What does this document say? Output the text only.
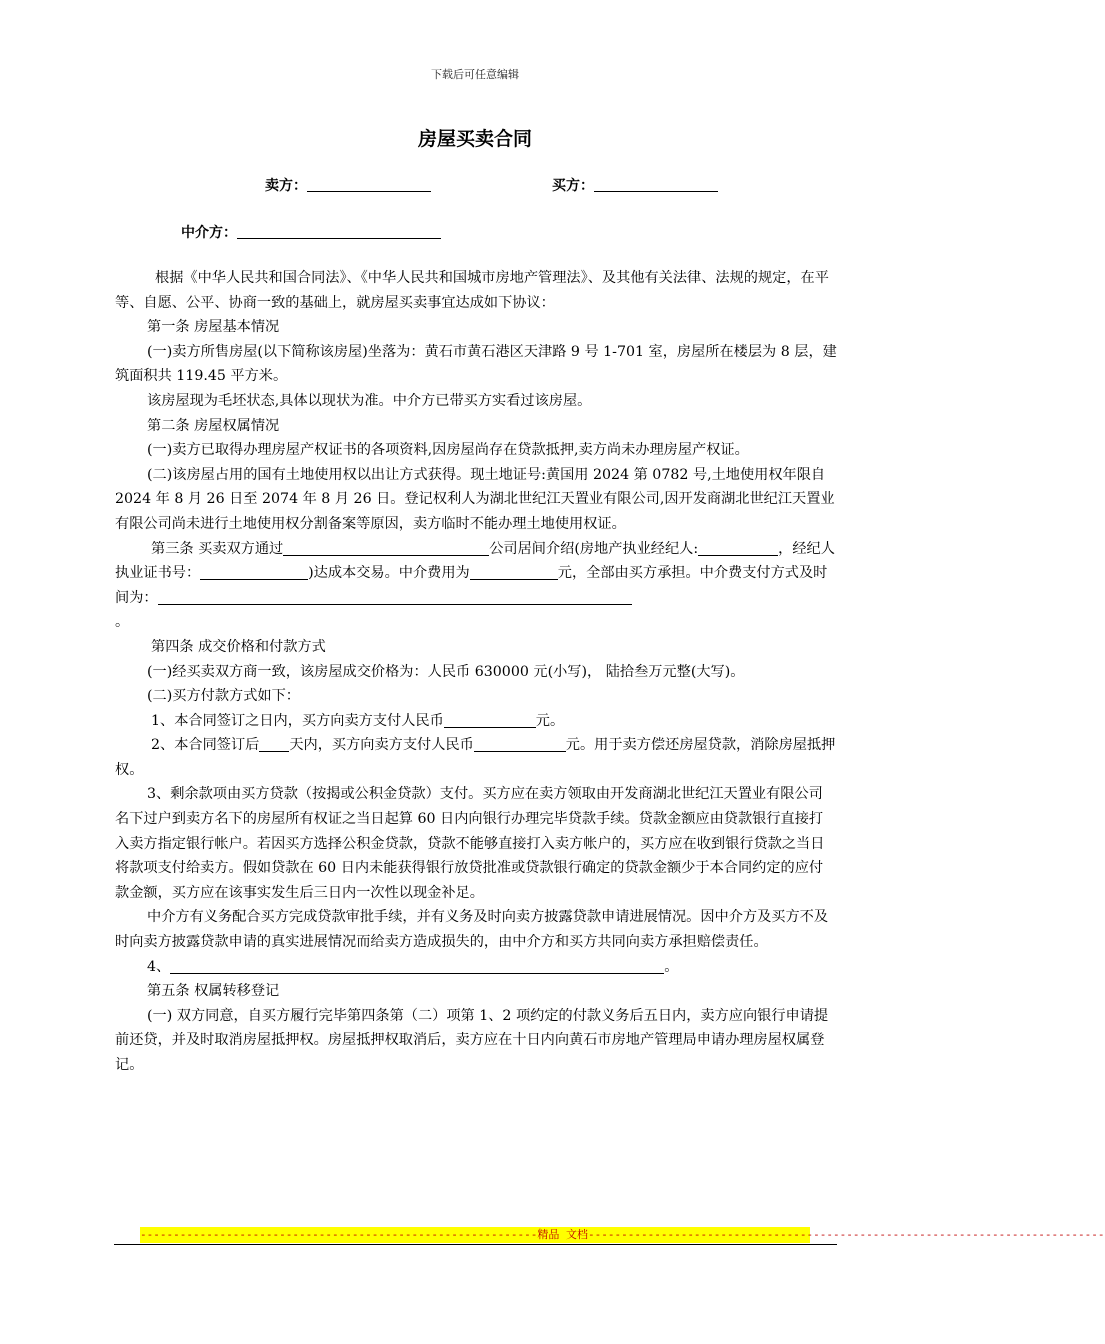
下载后可任意编辑
房屋买卖合同
卖方：	买方：
中介方：

根据《中华人民共和国合同法》、《中华人民共和国城市房地产管理法》、及其他有关法律、法规的规定，在平等、自愿、公平、协商一致的基础上，就房屋买卖事宜达成如下协议：

第一条 房屋基本情况

(一)卖方所售房屋(以下简称该房屋)坐落为：黄石市黄石港区天津路 9 号 1-701 室，房屋所在楼层为 8 层，建筑面积共 119.45 平方米。

该房屋现为毛坯状态,具体以现状为准。中介方已带买方实看过该房屋。

第二条 房屋权属情况

(一)卖方已取得办理房屋产权证书的各项资料,因房屋尚存在贷款抵押,卖方尚未办理房屋产权证。

(二)该房屋占用的国有土地使用权以出让方式获得。现土地证号:黄国用 2024 第 0782 号,土地使用权年限自 2024 年 8 月 26 日至 2074 年 8 月 26 日。登记权利人为湖北世纪江天置业有限公司,因开发商湖北世纪江天置业有限公司尚未进行土地使用权分割备案等原因，卖方临时不能办理土地使用权证。

第三条 买卖双方通过	公司居间介绍(房地产执业经纪人:	，经纪人执业证书号：	)达成本交易。中介费用为	元，全部由买方承担。中介费支付方式及时间为：
。

第四条 成交价格和付款方式

(一)经买卖双方商一致，该房屋成交价格为：人民币 630000 元(小写)， 陆拾叁万元整(大写)。

(二)买方付款方式如下：

1、本合同签订之日内，买方向卖方支付人民币	元。

2、本合同签订后 天内，买方向卖方支付人民币	元。用于卖方偿还房屋贷款，消除房屋抵押权。

3、剩余款项由买方贷款（按揭或公积金贷款）支付。买方应在卖方领取由开发商湖北世纪江天置业有限公司名下过户到卖方名下的房屋所有权证之当日起算 60 日内向银行办理完毕贷款手续。贷款金额应由贷款银行直接打入卖方指定银行帐户。若因买方选择公积金贷款，贷款不能够直接打入卖方帐户的，买方应在收到银行贷款之当日将款项支付给卖方。假如贷款在 60 日内未能获得银行放贷批准或贷款银行确定的贷款金额少于本合同约定的应付款金额，买方应在该事实发生后三日内一次性以现金补足。

中介方有义务配合买方完成贷款审批手续，并有义务及时向卖方披露贷款申请进展情况。因中介方及买方不及时向卖方披露贷款申请的真实进展情况而给卖方造成损失的，由中介方和买方共同向卖方承担赔偿责任。

4、	。

第五条 权属转移登记

(一) 双方同意，自买方履行完毕第四条第（二）项第 1、2 项约定的付款义务后五日内，卖方应向银行申请提前还贷，并及时取消房屋抵押权。房屋抵押权取消后，卖方应在十日内向黄石市房地产管理局申请办理房屋权属登记。

------------------------------------------------------------精品 文档------------------------------------------------------------------------------
